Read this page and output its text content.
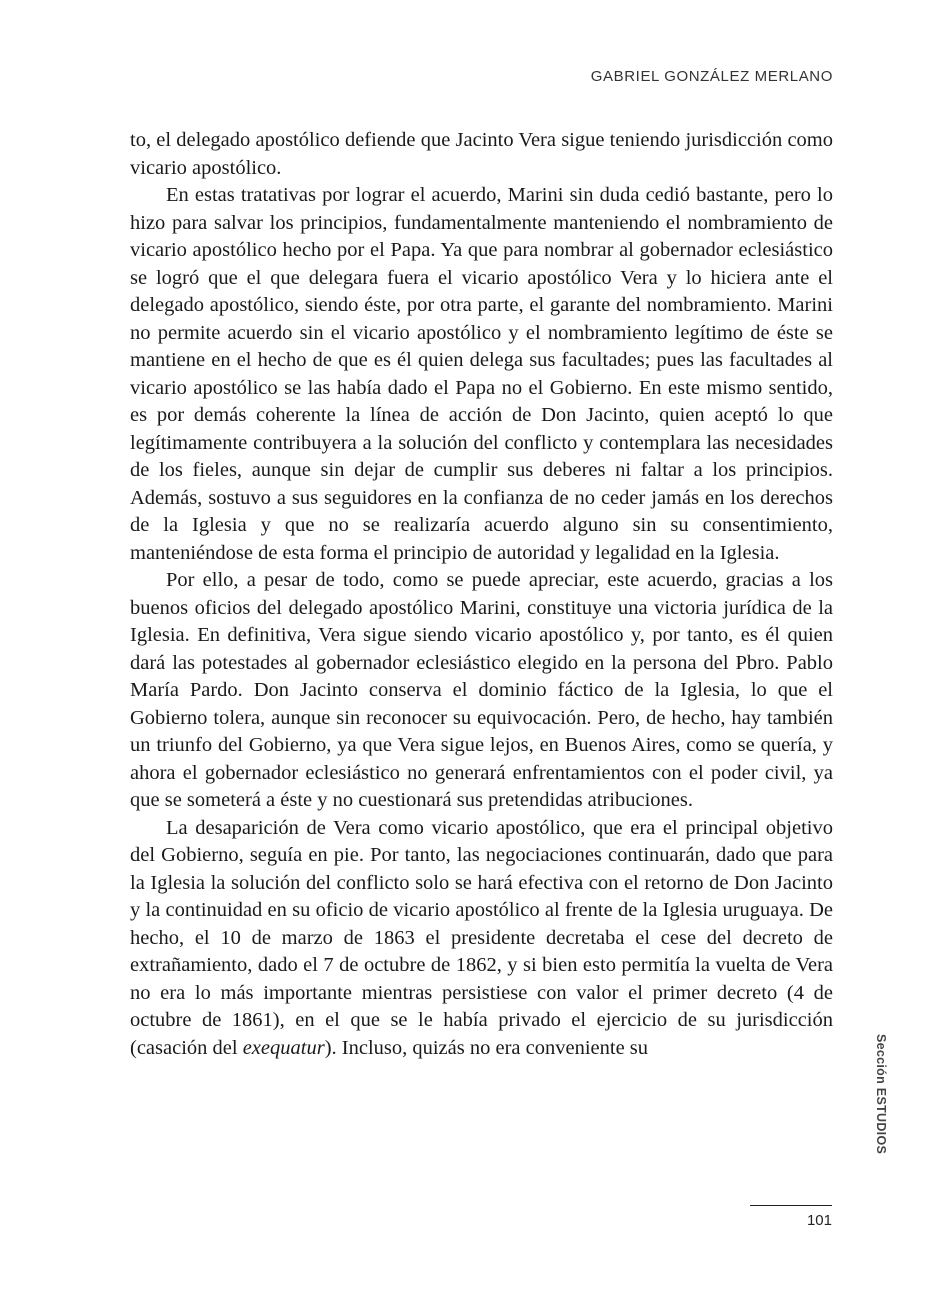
GABRIEL GONZÁLEZ MERLANO

to, el delegado apostólico defiende que Jacinto Vera sigue teniendo jurisdicción como vicario apostólico.

En estas tratativas por lograr el acuerdo, Marini sin duda cedió bastante, pero lo hizo para salvar los principios, fundamentalmente manteniendo el nombramiento de vicario apostólico hecho por el Papa. Ya que para nombrar al gobernador eclesiástico se logró que el que delegara fuera el vicario apostólico Vera y lo hiciera ante el delegado apostólico, siendo éste, por otra parte, el garante del nombramiento. Marini no permite acuerdo sin el vicario apostólico y el nombramiento legítimo de éste se mantiene en el hecho de que es él quien delega sus facultades; pues las facultades al vicario apostólico se las había dado el Papa no el Gobierno. En este mismo sentido, es por demás coherente la línea de acción de Don Jacinto, quien aceptó lo que legítimamente contribuyera a la solución del conflicto y contemplara las necesidades de los fieles, aunque sin dejar de cumplir sus deberes ni faltar a los principios. Además, sostuvo a sus seguidores en la confianza de no ceder jamás en los derechos de la Iglesia y que no se realizaría acuerdo alguno sin su consentimiento, manteniéndose de esta forma el principio de autoridad y legalidad en la Iglesia.

Por ello, a pesar de todo, como se puede apreciar, este acuerdo, gracias a los buenos oficios del delegado apostólico Marini, constituye una victoria jurídica de la Iglesia. En definitiva, Vera sigue siendo vicario apostólico y, por tanto, es él quien dará las potestades al gobernador eclesiástico elegido en la persona del Pbro. Pablo María Pardo. Don Jacinto conserva el dominio fáctico de la Iglesia, lo que el Gobierno tolera, aunque sin reconocer su equivocación. Pero, de hecho, hay también un triunfo del Gobierno, ya que Vera sigue lejos, en Buenos Aires, como se quería, y ahora el gobernador eclesiástico no generará enfrentamientos con el poder civil, ya que se someterá a éste y no cuestionará sus pretendidas atribuciones.

La desaparición de Vera como vicario apostólico, que era el principal objetivo del Gobierno, seguía en pie. Por tanto, las negociaciones continuarán, dado que para la Iglesia la solución del conflicto solo se hará efectiva con el retorno de Don Jacinto y la continuidad en su oficio de vicario apostólico al frente de la Iglesia uruguaya. De hecho, el 10 de marzo de 1863 el presidente decretaba el cese del decreto de extrañamiento, dado el 7 de octubre de 1862, y si bien esto permitía la vuelta de Vera no era lo más importante mientras persistiese con valor el primer decreto (4 de octubre de 1861), en el que se le había privado el ejercicio de su jurisdicción (casación del exequatur). Incluso, quizás no era conveniente su	Sección ESTUDIOS
101
